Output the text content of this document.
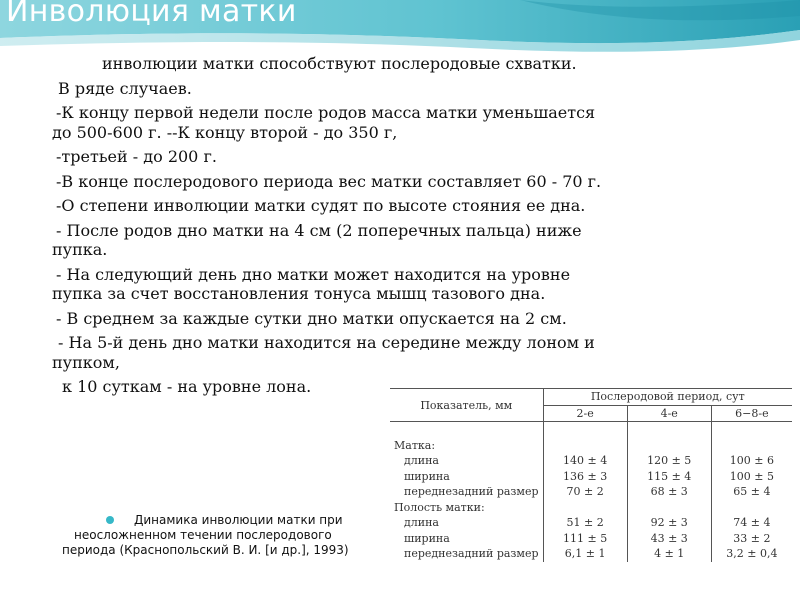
Инволюция матки

инволюции матки способствуют послеродовые схватки.

В ряде случаев.

-К концу первой недели после родов масса матки уменьшается

до 500-600 г. --К концу второй - до 350 г,

-третьей - до 200 г.

-В конце послеродового периода вес матки составляет 60 - 70 г.

-О степени инволюции матки судят по высоте стояния ее дна.

- После родов дно матки на 4 см (2 поперечных пальца) ниже

пупка.

- На следующий день дно матки может находится на уровне

пупка за счет восстановления тонуса мышц тазового дна.

- В среднем за каждые сутки дно матки опускается на 2 см.

- На 5-й день дно матки находится на середине между лоном и

пупком,

к 10 суткам - на уровне лона.

Динамика инволюции матки при
неосложненном течении послеродового
периода (Краснопольский В. И. [и др.], 1993)
Показатель, мм	Послеродовой период, сут		
	2-е	4-е	6−8-е

Матка:			
длина	140 ± 4	120 ± 5	100 ± 6
ширина	136 ± 3	115 ± 4	100 ± 5
переднезадний размер	70 ± 2	68 ± 3	65 ± 4
Полость матки:			
длина	51 ± 2	92 ± 3	74 ± 4
ширина	111 ± 5	43 ± 3	33 ± 2
переднезадний размер	6,1 ± 1	4 ± 1	3,2 ± 0,4
